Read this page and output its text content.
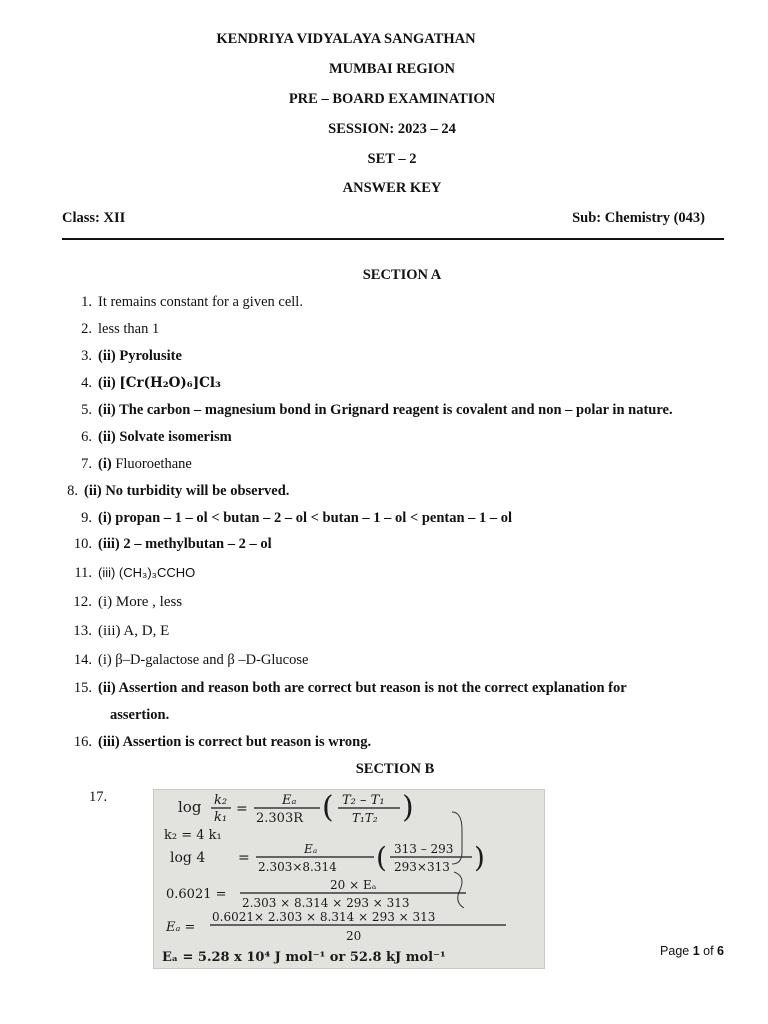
KENDRIYA VIDYALAYA SANGATHAN
MUMBAI REGION
PRE – BOARD EXAMINATION
SESSION: 2023 – 24
SET – 2
ANSWER KEY
Class: XII	Sub: Chemistry (043)
SECTION A
1. It remains constant for a given cell.
2. less than 1
3. (ii) Pyrolusite
4. (ii) [Cr(H₂O)₆]Cl₃
5. (ii) The carbon – magnesium bond in Grignard reagent is covalent and non – polar in nature.
6. (ii) Solvate isomerism
7. (i) Fluoroethane
8. (ii) No turbidity will be observed.
9. (i) propan – 1 – ol < butan – 2 – ol < butan – 1 – ol < pentan – 1 – ol
10. (iii) 2 – methylbutan – 2 – ol
11. (iii) (CH₃)₃CCHO
12. (i) More , less
13. (iii) A, D, E
14. (i) β–D-galactose and β –D-Glucose
15. (ii) Assertion and reason both are correct but reason is not the correct explanation for
assertion.
16. (iii) Assertion is correct but reason is wrong.
SECTION B
17.
log k₂
k₁
=
Eₐ
2.303R ( T₂ – T₁
T₁T₂ )
k₂ = 4 k₁
log 4 =
Eₐ
2.303×8.314 ( 313 – 293
293×313 )
0.6021 =
20 × Eₐ
2.303 × 8.314 × 293 × 313
Eₐ =
0.6021× 2.303 × 8.314 × 293 × 313
20
Eₐ = 5.28 x 10⁴ J mol⁻¹ or 52.8 kJ mol⁻¹	Page 1 of 6
